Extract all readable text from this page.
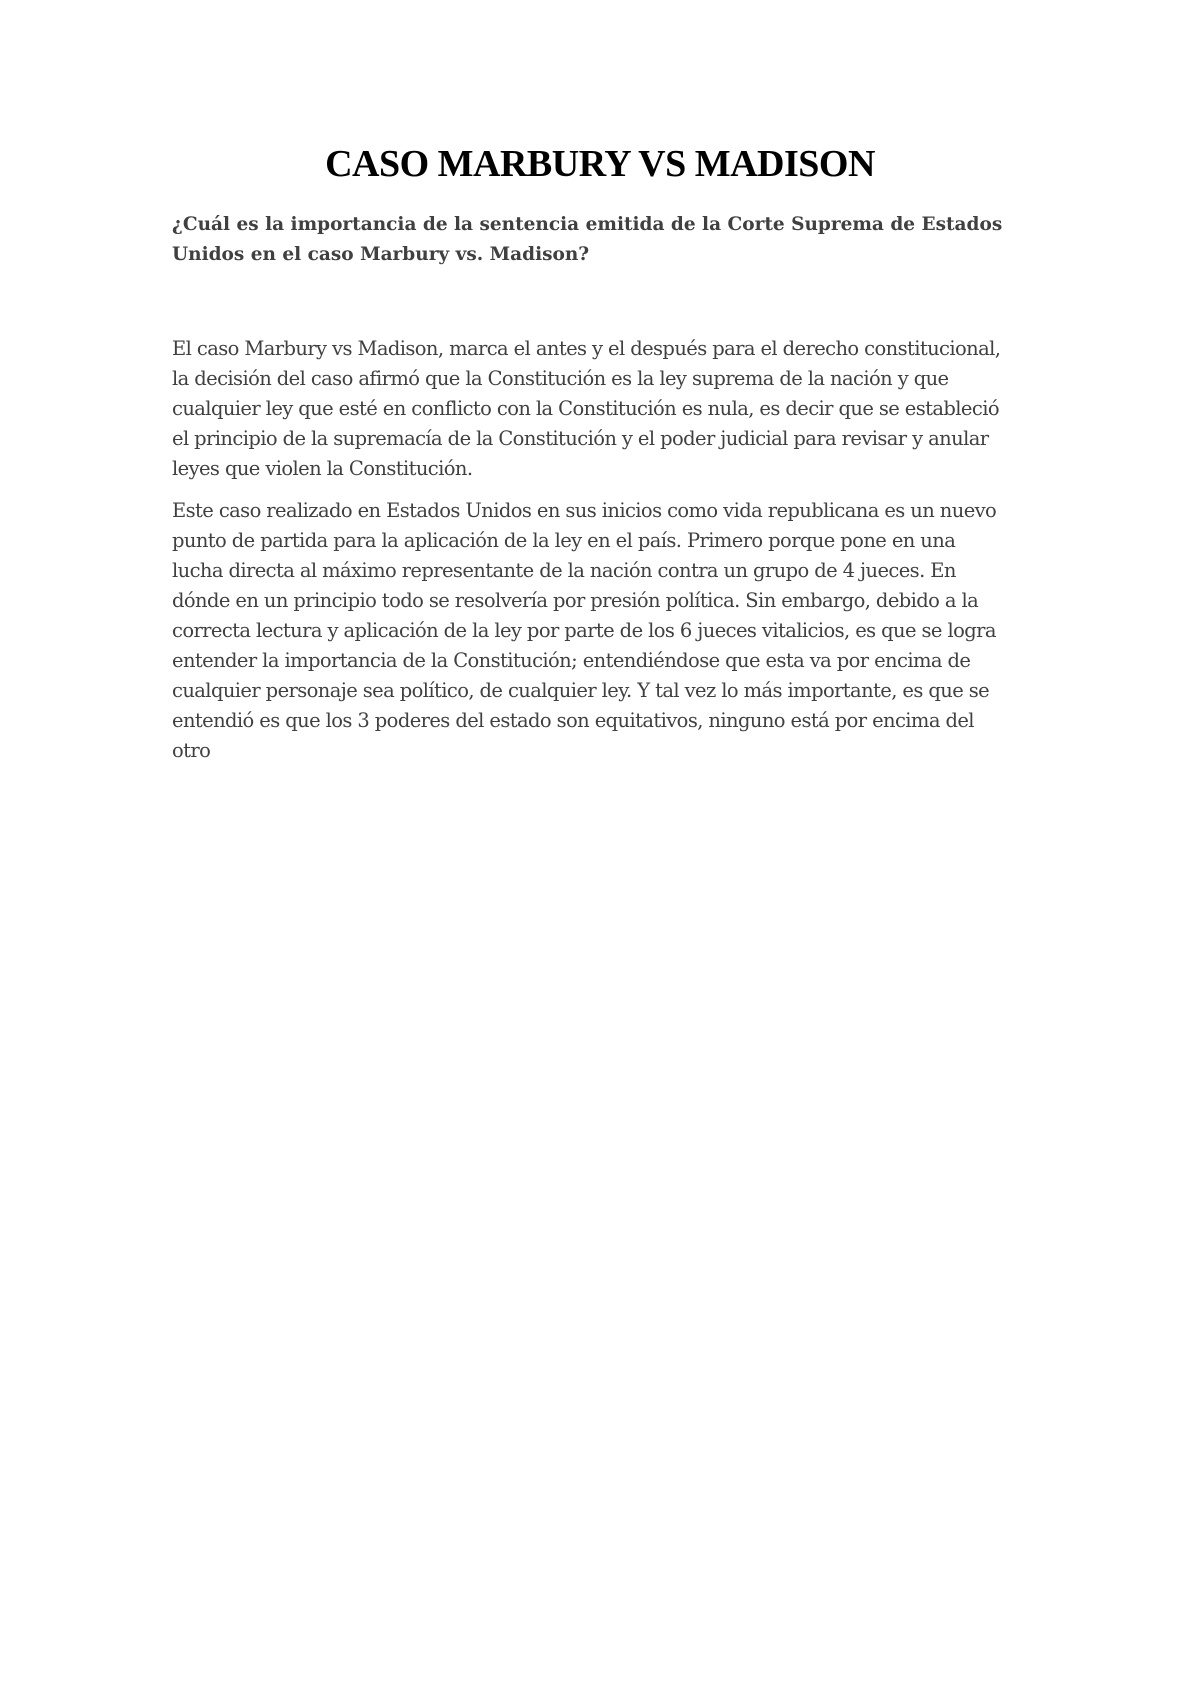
CASO MARBURY VS MADISON
¿Cuál es la importancia de la sentencia emitida de la Corte Suprema de Estados
Unidos en el caso Marbury vs. Madison?

El caso Marbury vs Madison, marca el antes y el después para el derecho constitucional,
la decisión del caso afirmó que la Constitución es la ley suprema de la nación y que
cualquier ley que esté en conflicto con la Constitución es nula, es decir que se estableció
el principio de la supremacía de la Constitución y el poder judicial para revisar y anular
leyes que violen la Constitución.

Este caso realizado en Estados Unidos en sus inicios como vida republicana es un nuevo
punto de partida para la aplicación de la ley en el país. Primero porque pone en una
lucha directa al máximo representante de la nación contra un grupo de 4 jueces. En
dónde en un principio todo se resolvería por presión política. Sin embargo, debido a la
correcta lectura y aplicación de la ley por parte de los 6 jueces vitalicios, es que se logra
entender la importancia de la Constitución; entendiéndose que esta va por encima de
cualquier personaje sea político, de cualquier ley. Y tal vez lo más importante, es que se
entendió es que los 3 poderes del estado son equitativos, ninguno está por encima del
otro
